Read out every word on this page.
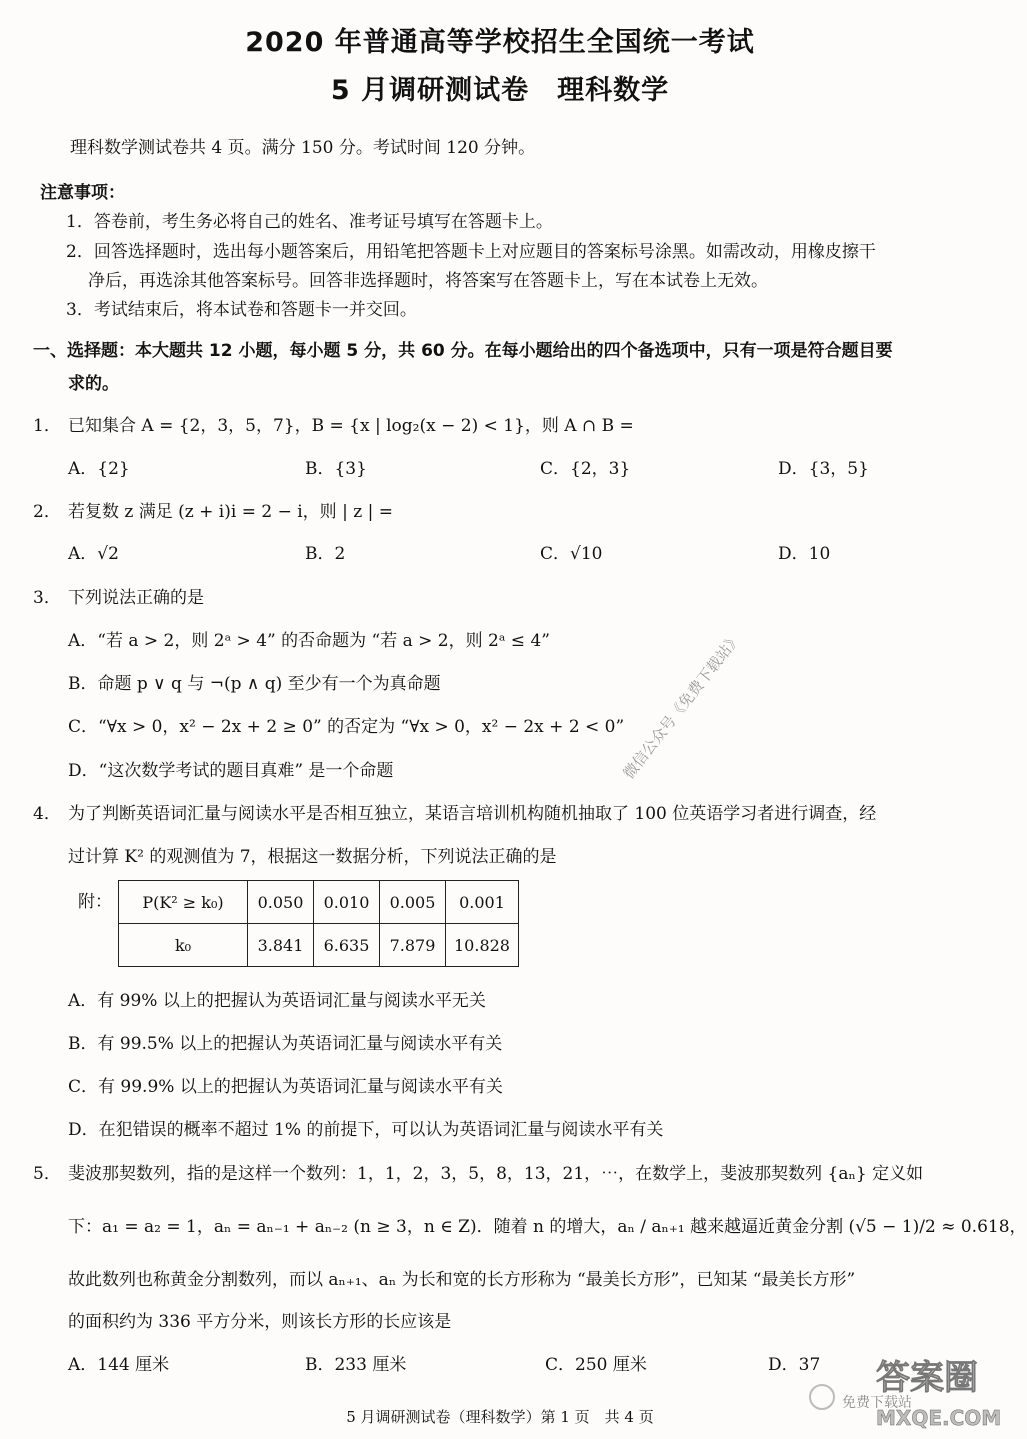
2020 年普通高等学校招生全国统一考试
5 月调研测试卷　理科数学
理科数学测试卷共 4 页。满分 150 分。考试时间 120 分钟。
注意事项：
1．答卷前，考生务必将自己的姓名、准考证号填写在答题卡上。
2．回答选择题时，选出每小题答案后，用铅笔把答题卡上对应题目的答案标号涂黑。如需改动，用橡皮擦干
净后，再选涂其他答案标号。回答非选择题时，将答案写在答题卡上，写在本试卷上无效。
3．考试结束后，将本试卷和答题卡一并交回。
一、选择题：本大题共 12 小题，每小题 5 分，共 60 分。在每小题给出的四个备选项中，只有一项是符合题目要
求的。
1． 已知集合 A = {2，3，5，7}，B = {x | log₂(x − 2) < 1}，则 A ∩ B =
A．{2}	B．{3}	C．{2，3}	D．{3，5}
2． 若复数 z 满足 (z + i)i = 2 − i，则 | z | =
A．√2	B．2	C．√10	D．10
3． 下列说法正确的是
A．“若 a > 2，则 2ᵃ > 4” 的否命题为 “若 a > 2，则 2ᵃ ≤ 4”
B．命题 p ∨ q 与 ¬(p ∧ q) 至少有一个为真命题
C．“∀x > 0，x² − 2x + 2 ≥ 0” 的否定为 “∀x > 0，x² − 2x + 2 < 0”
D．“这次数学考试的题目真难” 是一个命题	微信公众号《免费下载站》
4． 为了判断英语词汇量与阅读水平是否相互独立，某语言培训机构随机抽取了 100 位英语学习者进行调查，经
过计算 K² 的观测值为 7，根据这一数据分析，下列说法正确的是
附： P(K² ≥ k₀)	0.050	0.010	0.005	0.001
k₀	3.841	6.635	7.879	10.828
A．有 99% 以上的把握认为英语词汇量与阅读水平无关
B．有 99.5% 以上的把握认为英语词汇量与阅读水平有关
C．有 99.9% 以上的把握认为英语词汇量与阅读水平有关
D．在犯错误的概率不超过 1% 的前提下，可以认为英语词汇量与阅读水平有关
5． 斐波那契数列，指的是这样一个数列：1，1，2，3，5，8，13，21，⋯，在数学上，斐波那契数列 {aₙ} 定义如
下：a₁ = a₂ = 1，aₙ = aₙ₋₁ + aₙ₋₂ (n ≥ 3，n ∈ Z)．随着 n 的增大，aₙ / aₙ₊₁ 越来越逼近黄金分割 (√5 − 1)/2 ≈ 0.618，
故此数列也称黄金分割数列，而以 aₙ₊₁、aₙ 为长和宽的长方形称为 “最美长方形”，已知某 “最美长方形”
的面积约为 336 平方分米，则该长方形的长应该是
A．144 厘米	B．233 厘米	C．250 厘米	D．37
5 月调研测试卷（理科数学）第 1 页　共 4 页
答案圈
免费下载站
MXQE.COM
